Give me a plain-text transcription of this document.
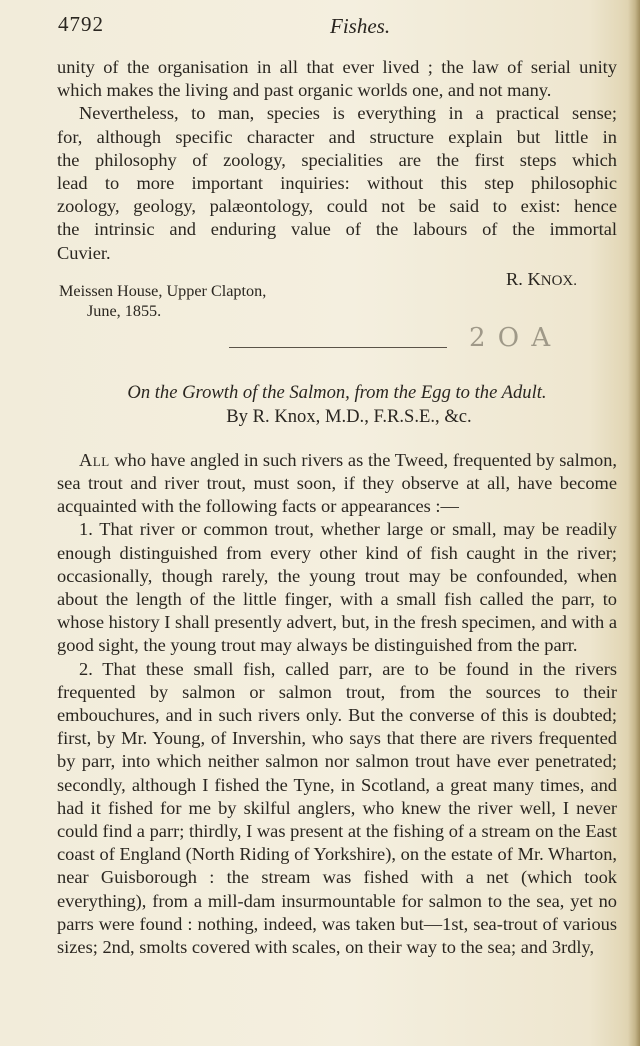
4792	Fishes.
unity of the organisation in all that ever lived ; the law of serial unity
which makes the living and past organic worlds one, and not many.
Nevertheless, to man, species is everything in a practical sense;
for, although specific character and structure explain but little in
the philosophy of zoology, specialities are the first steps which
lead to more important inquiries: without this step philosophic
zoology, geology, palæontology, could not be said to exist: hence
the intrinsic and enduring value of the labours of the immortal
Cuvier.

R. KNOX.

Meissen House, Upper Clapton,
June, 1855.

2 O A

On the Growth of the Salmon, from the Egg to the Adult.

By R. Knox, M.D., F.R.S.E., &c.

All who have angled in such rivers as the Tweed, frequented by salmon, sea trout and river trout, must soon, if they observe at all, have become acquainted with the following facts or appearances :—

1. That river or common trout, whether large or small, may be readily enough distinguished from every other kind of fish caught in the river; occasionally, though rarely, the young trout may be confounded, when about the length of the little finger, with a small fish called the parr, to whose history I shall presently advert, but, in the fresh specimen, and with a good sight, the young trout may always be distinguished from the parr.

2. That these small fish, called parr, are to be found in the rivers frequented by salmon or salmon trout, from the sources to their embouchures, and in such rivers only. But the converse of this is doubted; first, by Mr. Young, of Invershin, who says that there are rivers frequented by parr, into which neither salmon nor salmon trout have ever penetrated; secondly, although I fished the Tyne, in Scotland, a great many times, and had it fished for me by skilful anglers, who knew the river well, I never could find a parr; thirdly, I was present at the fishing of a stream on the East coast of England (North Riding of Yorkshire), on the estate of Mr. Wharton, near Guisborough : the stream was fished with a net (which took everything), from a mill-dam insurmountable for salmon to the sea, yet no parrs were found : nothing, indeed, was taken but—1st, sea-trout of various sizes; 2nd, smolts covered with scales, on their way to the sea; and 3rdly,
